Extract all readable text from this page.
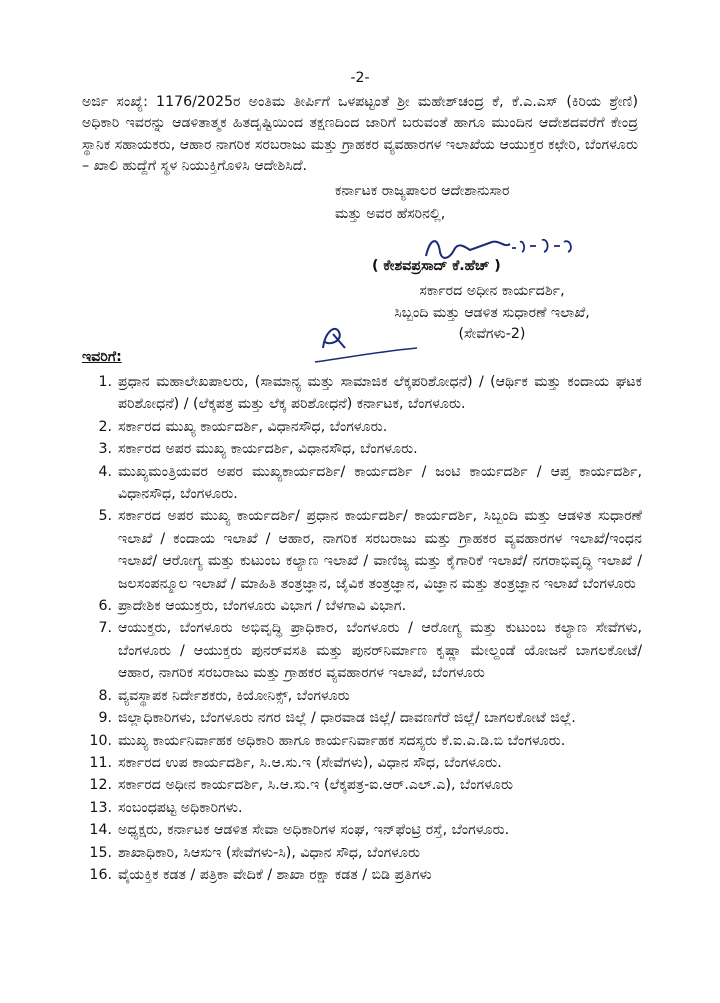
-2-

ಅರ್ಜಿ ಸಂಖ್ಯೆ: 1176/2025ರ ಅಂತಿಮ ತೀರ್ಪಿಗೆ ಒಳಪಟ್ಟಂತೆ ಶ್ರೀ ಮಹೇಶ್‌ಚಂದ್ರ ಕೆ, ಕೆ.ಎ.ಎಸ್ (ಕಿರಿಯ ಶ್ರೇಣಿ) ಅಧಿಕಾರಿ ಇವರನ್ನು ಆಡಳಿತಾತ್ಮಕ ಹಿತದೃಷ್ಟಿಯಿಂದ ತಕ್ಷಣದಿಂದ ಜಾರಿಗೆ ಬರುವಂತೆ ಹಾಗೂ ಮುಂದಿನ ಆದೇಶದವರೆಗೆ ಕೇಂದ್ರ ಸ್ಥಾನಿಕ ಸಹಾಯಕರು, ಆಹಾರ ನಾಗರಿಕ ಸರಬರಾಜು ಮತ್ತು ಗ್ರಾಹಕರ ವ್ಯವಹಾರಗಳ ಇಲಾಖೆಯ ಆಯುಕ್ತರ ಕಛೇರಿ, ಬೆಂಗಳೂರು – ಖಾಲಿ ಹುದ್ದೆಗೆ ಸ್ಥಳ ನಿಯುಕ್ತಿಗೊಳಿಸಿ ಆದೇಶಿಸಿದೆ.

ಕರ್ನಾಟಕ ರಾಜ್ಯಪಾಲರ ಆದೇಶಾನುಸಾರ
ಮತ್ತು ಅವರ ಹೆಸರಿನಲ್ಲಿ,
( ಕೇಶವಪ್ರಸಾದ್ ಕೆ.ಹೆಚ್ )
ಸರ್ಕಾರದ ಅಧೀನ ಕಾರ್ಯದರ್ಶಿ,
ಸಿಬ್ಬಂದಿ ಮತ್ತು ಆಡಳಿತ ಸುಧಾರಣೆ ಇಲಾಖೆ,
(ಸೇವೆಗಳು-2)
ಇವರಿಗೆ:
1. ಪ್ರಧಾನ ಮಹಾಲೇಖಪಾಲರು, (ಸಾಮಾನ್ಯ ಮತ್ತು ಸಾಮಾಜಿಕ ಲೆಕ್ಕಪರಿಶೋಧನೆ) / (ಆರ್ಥಿಕ ಮತ್ತು ಕಂದಾಯ ಘಟಕ ಪರಿಶೋಧನೆ) / (ಲೆಕ್ಕಪತ್ರ ಮತ್ತು ಲೆಕ್ಕ ಪರಿಶೋಧನೆ) ಕರ್ನಾಟಕ, ಬೆಂಗಳೂರು.
2. ಸರ್ಕಾರದ ಮುಖ್ಯ ಕಾರ್ಯದರ್ಶಿ, ವಿಧಾನಸೌಧ, ಬೆಂಗಳೂರು.
3. ಸರ್ಕಾರದ ಅಪರ ಮುಖ್ಯ ಕಾರ್ಯದರ್ಶಿ, ವಿಧಾನಸೌಧ, ಬೆಂಗಳೂರು.
4. ಮುಖ್ಯಮಂತ್ರಿಯವರ ಅಪರ ಮುಖ್ಯಕಾರ್ಯದರ್ಶಿ/ ಕಾರ್ಯದರ್ಶಿ / ಜಂಟಿ ಕಾರ್ಯದರ್ಶಿ / ಆಪ್ತ ಕಾರ್ಯದರ್ಶಿ, ವಿಧಾನಸೌಧ, ಬೆಂಗಳೂರು.
5. ಸರ್ಕಾರದ ಅಪರ ಮುಖ್ಯ ಕಾರ್ಯದರ್ಶಿ/ ಪ್ರಧಾನ ಕಾರ್ಯದರ್ಶಿ/ ಕಾರ್ಯದರ್ಶಿ, ಸಿಬ್ಬಂದಿ ಮತ್ತು ಆಡಳಿತ ಸುಧಾರಣೆ ಇಲಾಖೆ / ಕಂದಾಯ ಇಲಾಖೆ / ಆಹಾರ, ನಾಗರಿಕ ಸರಬರಾಜು ಮತ್ತು ಗ್ರಾಹಕರ ವ್ಯವಹಾರಗಳ ಇಲಾಖೆ/ಇಂಧನ ಇಲಾಖೆ/ ಆರೋಗ್ಯ ಮತ್ತು ಕುಟುಂಬ ಕಲ್ಯಾಣ ಇಲಾಖೆ / ವಾಣಿಜ್ಯ ಮತ್ತು ಕೈಗಾರಿಕೆ ಇಲಾಖೆ/ ನಗರಾಭಿವೃದ್ಧಿ ಇಲಾಖೆ / ಜಲಸಂಪನ್ಮೂಲ ಇಲಾಖೆ / ಮಾಹಿತಿ ತಂತ್ರಜ್ಞಾನ, ಜೈವಿಕ ತಂತ್ರಜ್ಞಾನ, ವಿಜ್ಞಾನ ಮತ್ತು ತಂತ್ರಜ್ಞಾನ ಇಲಾಖೆ ಬೆಂಗಳೂರು
6. ಪ್ರಾದೇಶಿಕ ಆಯುಕ್ತರು, ಬೆಂಗಳೂರು ವಿಭಾಗ / ಬೆಳಗಾವಿ ವಿಭಾಗ.
7. ಆಯುಕ್ತರು, ಬೆಂಗಳೂರು ಅಭಿವೃದ್ಧಿ ಪ್ರಾಧಿಕಾರ, ಬೆಂಗಳೂರು / ಆರೋಗ್ಯ ಮತ್ತು ಕುಟುಂಬ ಕಲ್ಯಾಣ ಸೇವೆಗಳು, ಬೆಂಗಳೂರು / ಆಯುಕ್ತರು ಪುನರ್‌ವಸತಿ ಮತ್ತು ಪುನರ್‌ನಿರ್ಮಾಣ ಕೃಷ್ಣಾ ಮೇಲ್ದಂಡೆ ಯೋಜನೆ ಬಾಗಲಕೋಟೆ/ ಆಹಾರ, ನಾಗರಿಕ ಸರಬರಾಜು ಮತ್ತು ಗ್ರಾಹಕರ ವ್ಯವಹಾರಗಳ ಇಲಾಖೆ, ಬೆಂಗಳೂರು
8. ವ್ಯವಸ್ಥಾಪಕ ನಿರ್ದೇಶಕರು, ಕಿಯೋನಿಕ್ಸ್, ಬೆಂಗಳೂರು
9. ಜಿಲ್ಲಾಧಿಕಾರಿಗಳು, ಬೆಂಗಳೂರು ನಗರ ಜಿಲ್ಲೆ / ಧಾರವಾಡ ಜಿಲ್ಲೆ/ ದಾವಣಗೆರೆ ಜಿಲ್ಲೆ/ ಬಾಗಲಕೋಟೆ ಜಿಲ್ಲೆ.
10. ಮುಖ್ಯ ಕಾರ್ಯನಿರ್ವಾಹಕ ಅಧಿಕಾರಿ ಹಾಗೂ ಕಾರ್ಯನಿರ್ವಾಹಕ ಸದಸ್ಯರು ಕೆ.ಐ.ಎ.ಡಿ.ಬಿ ಬೆಂಗಳೂರು.
11. ಸರ್ಕಾರದ ಉಪ ಕಾರ್ಯದರ್ಶಿ, ಸಿ.ಆ.ಸು.ಇ (ಸೇವೆಗಳು), ವಿಧಾನ ಸೌಧ, ಬೆಂಗಳೂರು.
12. ಸರ್ಕಾರದ ಅಧೀನ ಕಾರ್ಯದರ್ಶಿ, ಸಿ.ಆ.ಸು.ಇ (ಲೆಕ್ಕಪತ್ರ-ಐ.ಆರ್.ಎಲ್.ಎ), ಬೆಂಗಳೂರು
13. ಸಂಬಂಧಪಟ್ಟ ಅಧಿಕಾರಿಗಳು.
14. ಅಧ್ಯಕ್ಷರು, ಕರ್ನಾಟಕ ಆಡಳಿತ ಸೇವಾ ಅಧಿಕಾರಿಗಳ ಸಂಘ, ಇನ್‌ಫೆಂಟ್ರಿ ರಸ್ತೆ, ಬೆಂಗಳೂರು.
15. ಶಾಖಾಧಿಕಾರಿ, ಸಿಆಸುಇ (ಸೇವೆಗಳು-ಸಿ), ವಿಧಾನ ಸೌಧ, ಬೆಂಗಳೂರು
16. ವೈಯಕ್ತಿಕ ಕಡತ / ಪತ್ರಿಕಾ ವೇದಿಕೆ / ಶಾಖಾ ರಕ್ಷಾ ಕಡತ / ಬಿಡಿ ಪ್ರತಿಗಳು
